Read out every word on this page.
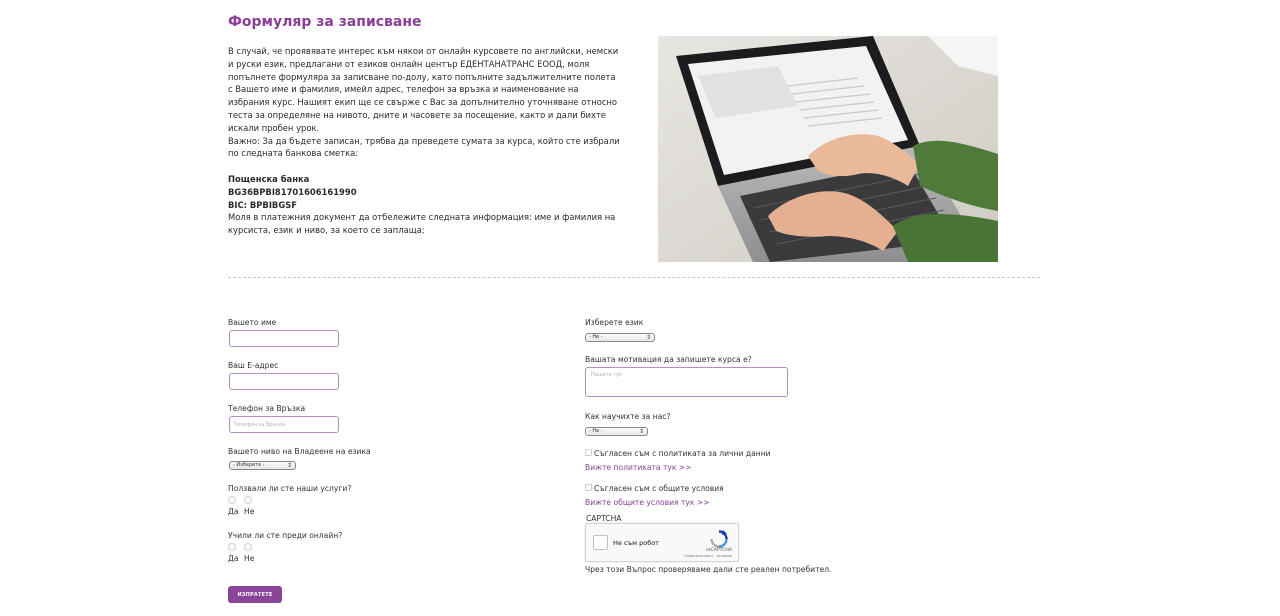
Формуляр за записване

В случай, че проявявате интерес към някои от онлайн курсовете по английски, немски и руски език, предлагани от езиков онлайн център ЕДЕНТАНАТРАНС ЕООД, моля попълнете формуляра за записване по-долу, като попълните задължителните полета с Вашето име и фамилия, имейл адрес, телефон за връзка и наименование на избрания курс. Нашият екип ще се свърже с Вас за допълнително уточняване относно теста за определяне на нивото, дните и часовете за посещение, както и дали бихте искали пробен урок.

Важно: За да бъдете записан, трябва да преведете сумата за курса, който сте избрали по следната банкова сметка:

Пощенска банка
BG36BPBI81701606161990
BIC: BPBIBGSF

Моля в платежния документ да отбележите следната информация: име и фамилия на курсиста, език и ниво, за което се заплаща;

Вашето име
Ваш E-адрес
Телефон за Връзка
Телефон за Връзка
Вашето ниво на Владеене на езика
- Изберете -	⇕
Ползвали ли сте наши услуги?
Да Не
Учили ли сте преди онлайн?
Да Не
ИЗПРАТЕТЕ
Изберете език
- Не -	⇕
Вашата мотивация да запишете курса е?
Пишете тук
Как научихте за нас?
- Не -	⇕
Съгласен съм с политиката за лични данни
Вижте политиката тук >>
Съгласен съм с общите условия
Вижте общите условия тук >>
CAPTCHA
Не съм робот
reCAPTCHA
Поверителност - Условия
Чрез този Въпрос проверяваме дали сте реален потребител.
